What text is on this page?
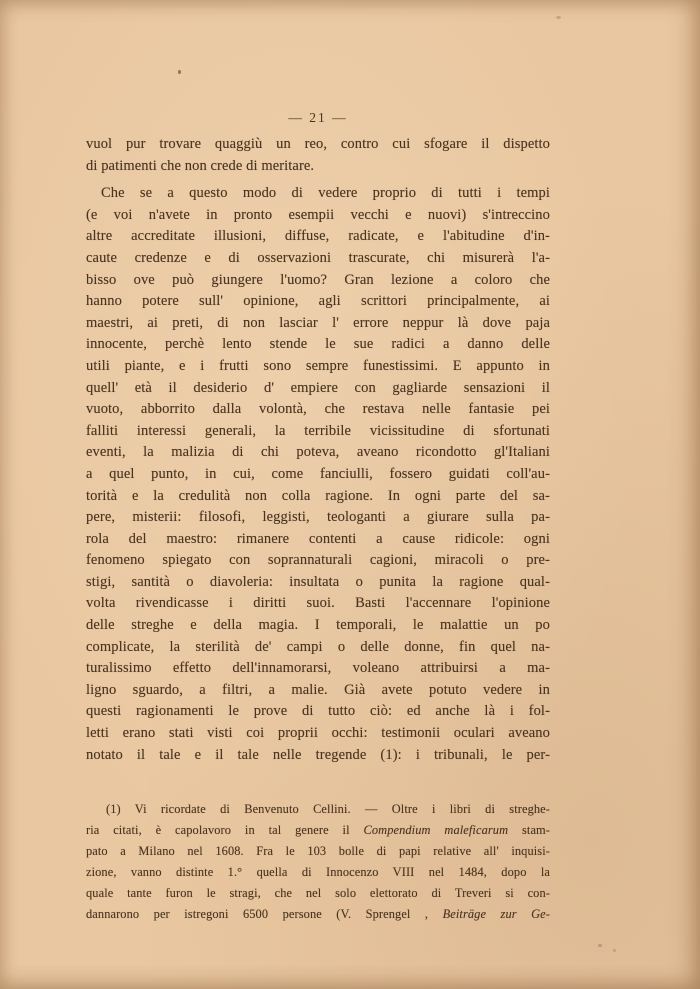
— 21 —
vuol pur trovare quaggiù un reo, contro cui sfogare il dispetto
di patimenti che non crede di meritare.
Che se a questo modo di vedere proprio di tutti i tempi
(e voi n'avete in pronto esempii vecchi e nuovi) s'intreccino
altre accreditate illusioni, diffuse, radicate, e l'abitudine d'in-
caute credenze e di osservazioni trascurate, chi misurerà l'a-
bisso ove può giungere l'uomo? Gran lezione a coloro che
hanno potere sull' opinione, agli scrittori principalmente, ai
maestri, ai preti, di non lasciar l' errore neppur là dove paja
innocente, perchè lento stende le sue radici a danno delle
utili piante, e i frutti sono sempre funestissimi. E appunto in
quell' età il desiderio d' empiere con gagliarde sensazioni il
vuoto, abborrito dalla volontà, che restava nelle fantasie pei
falliti interessi generali, la terribile vicissitudine di sfortunati
eventi, la malizia di chi poteva, aveano ricondotto gl'Italiani
a quel punto, in cui, come fanciulli, fossero guidati coll'au-
torità e la credulità non colla ragione. In ogni parte del sa-
pere, misterii: filosofi, leggisti, teologanti a giurare sulla pa-
rola del maestro: rimanere contenti a cause ridicole: ogni
fenomeno spiegato con soprannaturali cagioni, miracoli o pre-
stigi, santità o diavoleria: insultata o punita la ragione qual-
volta rivendicasse i diritti suoi. Basti l'accennare l'opinione
delle streghe e della magia. I temporali, le malattie un po
complicate, la sterilità de' campi o delle donne, fin quel na-
turalissimo effetto dell'innamorarsi, voleano attribuirsi a ma-
ligno sguardo, a filtri, a malie. Già avete potuto vedere in
questi ragionamenti le prove di tutto ciò: ed anche là i fol-
letti erano stati visti coi proprii occhi: testimonii oculari aveano
notato il tale e il tale nelle tregende (1): i tribunali, le per-
(1) Vi ricordate di Benvenuto Cellini. — Oltre i libri di streghe-
ria citati, è capolavoro in tal genere il Compendium maleficarum stam-
pato a Milano nel 1608. Fra le 103 bolle di papi relative all' inquisi-
zione, vanno distinte 1.° quella di Innocenzo VIII nel 1484, dopo la
quale tante furon le stragi, che nel solo elettorato di Treveri si con-
dannarono per istregoni 6500 persone (V. Sprengel , Beiträge zur Ge-
